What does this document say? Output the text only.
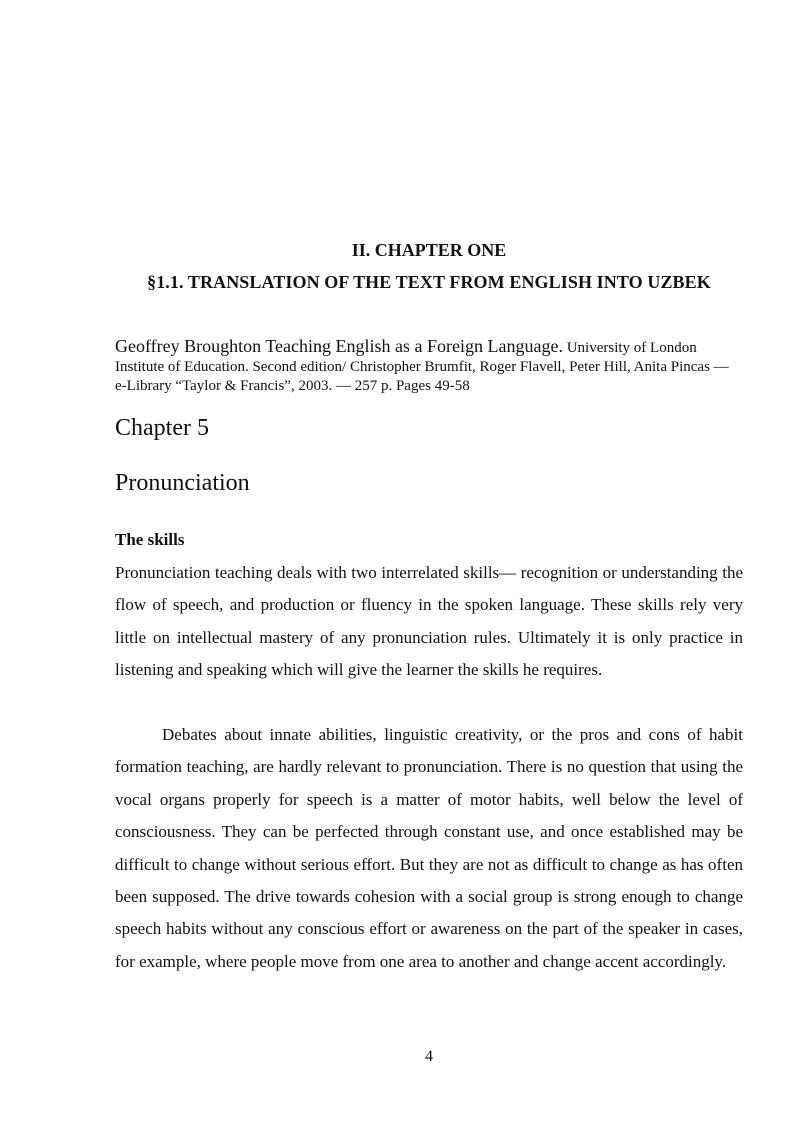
II. CHAPTER ONE
§1.1. TRANSLATION OF THE TEXT FROM ENGLISH INTO UZBEK

Geoffrey Broughton Teaching English as a Foreign Language. University of London Institute of Education. Second edition/ Christopher Brumfit, Roger Flavell, Peter Hill, Anita Pincas — e-Library “Taylor & Francis”, 2003. — 257 p. Pages 49-58

Chapter 5
Pronunciation
The skills

Pronunciation teaching deals with two interrelated skills— recognition or understanding the flow of speech, and production or fluency in the spoken language. These skills rely very little on intellectual mastery of any pronunciation rules. Ultimately it is only practice in listening and speaking which will give the learner the skills he requires.

Debates about innate abilities, linguistic creativity, or the pros and cons of habit formation teaching, are hardly relevant to pronunciation. There is no question that using the vocal organs properly for speech is a matter of motor habits, well below the level of consciousness. They can be perfected through constant use, and once established may be difficult to change without serious effort. But they are not as difficult to change as has often been supposed. The drive towards cohesion with a social group is strong enough to change speech habits without any conscious effort or awareness on the part of the speaker in cases, for example, where people move from one area to another and change accent accordingly.

4
